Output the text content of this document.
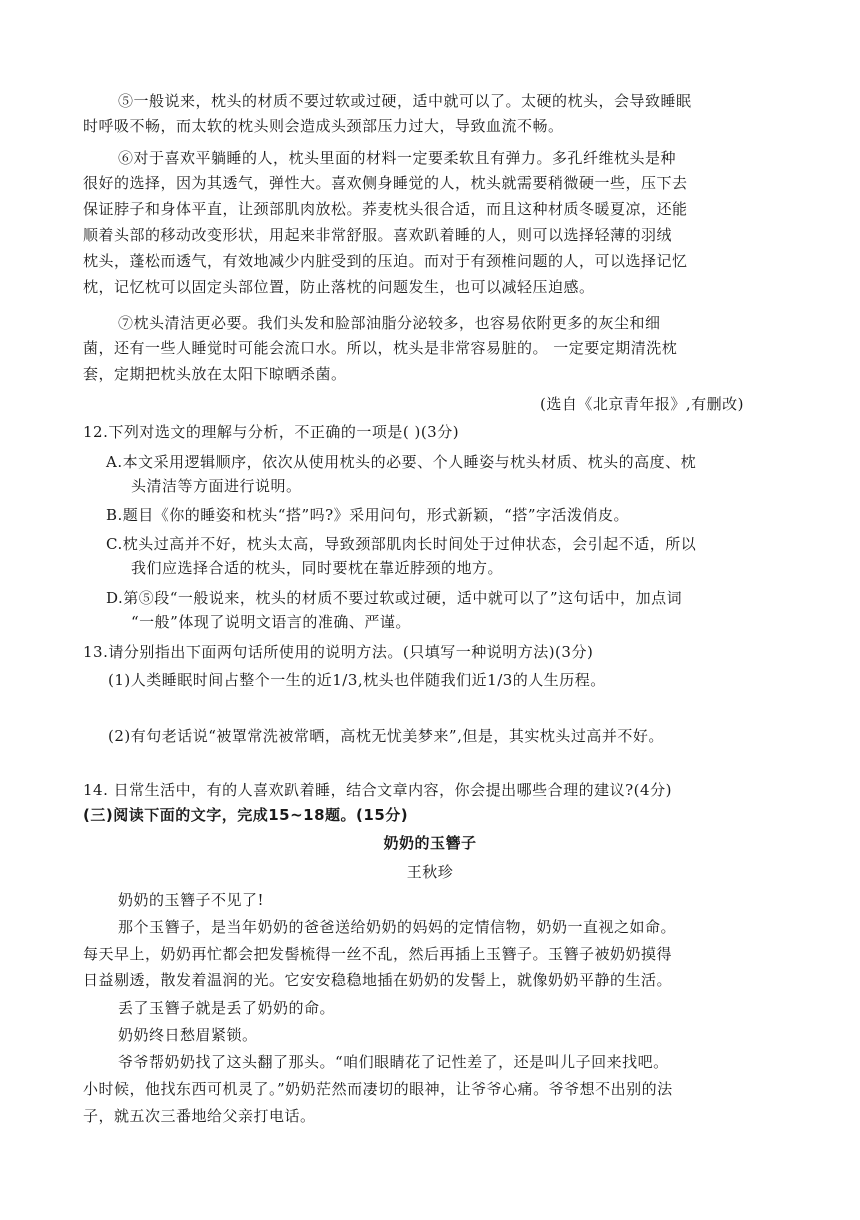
⑤一般说来，枕头的材质不要过软或过硬，适中就可以了。太硬的枕头，会导致睡眠
时呼吸不畅，而太软的枕头则会造成头颈部压力过大，导致血流不畅。
⑥对于喜欢平躺睡的人，枕头里面的材料一定要柔软且有弹力。多孔纤维枕头是种
很好的选择，因为其透气，弹性大。喜欢侧身睡觉的人，枕头就需要稍微硬一些，压下去
保证脖子和身体平直，让颈部肌肉放松。荞麦枕头很合适，而且这种材质冬暖夏凉，还能
顺着头部的移动改变形状，用起来非常舒服。喜欢趴着睡的人，则可以选择轻薄的羽绒
枕头，蓬松而透气，有效地减少内脏受到的压迫。而对于有颈椎问题的人，可以选择记忆
枕，记忆枕可以固定头部位置，防止落枕的问题发生，也可以减轻压迫感。
⑦枕头清洁更必要。我们头发和脸部油脂分泌较多，也容易依附更多的灰尘和细
菌，还有一些人睡觉时可能会流口水。所以，枕头是非常容易脏的。 一定要定期清洗枕
套，定期把枕头放在太阳下晾晒杀菌。
(选自《北京青年报》,有删改)
12.下列对选文的理解与分析，不正确的一项是( )(3分)
A.本文采用逻辑顺序，依次从使用枕头的必要、个人睡姿与枕头材质、枕头的高度、枕
头清洁等方面进行说明。
B.题目《你的睡姿和枕头“搭”吗?》采用问句，形式新颖，“搭”字活泼俏皮。
C.枕头过高并不好，枕头太高，导致颈部肌肉长时间处于过伸状态，会引起不适，所以
我们应选择合适的枕头，同时要枕在靠近脖颈的地方。
D.第⑤段“一般说来，枕头的材质不要过软或过硬，适中就可以了”这句话中，加点词
“一般”体现了说明文语言的准确、严谨。
13.请分别指出下面两句话所使用的说明方法。(只填写一种说明方法)(3分)
(1)人类睡眠时间占整个一生的近1/3,枕头也伴随我们近1/3的人生历程。
(2)有句老话说“被罩常洗被常晒，高枕无忧美梦来”,但是，其实枕头过高并不好。
14. 日常生活中，有的人喜欢趴着睡，结合文章内容，你会提出哪些合理的建议?(4分)
(三)阅读下面的文字，完成15~18题。(15分)
奶奶的玉簪子
王秋珍
奶奶的玉簪子不见了!
那个玉簪子，是当年奶奶的爸爸送给奶奶的妈妈的定情信物，奶奶一直视之如命。
每天早上，奶奶再忙都会把发髻梳得一丝不乱，然后再插上玉簪子。玉簪子被奶奶摸得
日益剔透，散发着温润的光。它安安稳稳地插在奶奶的发髻上，就像奶奶平静的生活。
丢了玉簪子就是丢了奶奶的命。
奶奶终日愁眉紧锁。
爷爷帮奶奶找了这头翻了那头。“咱们眼睛花了记性差了，还是叫儿子回来找吧。
小时候，他找东西可机灵了。”奶奶茫然而凄切的眼神，让爷爷心痛。爷爷想不出别的法
子，就五次三番地给父亲打电话。
